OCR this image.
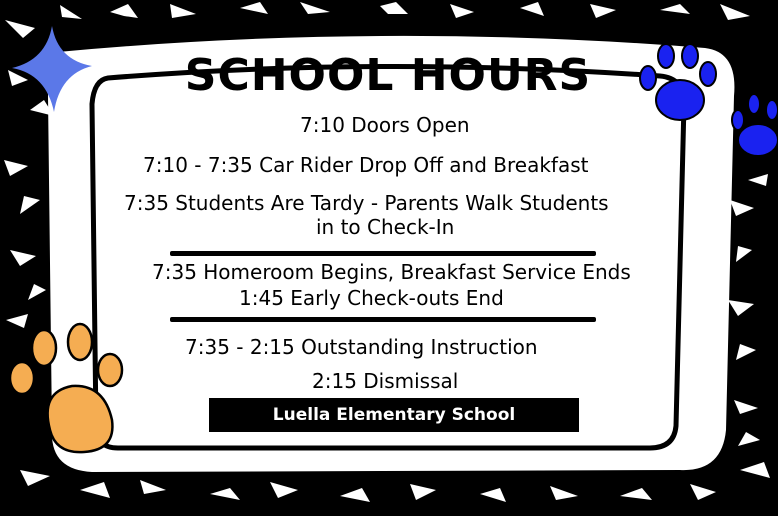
SCHOOL HOURS
7:10 Doors Open
7:10 - 7:35 Car Rider Drop Off and Breakfast
7:35 Students Are Tardy - Parents Walk Students
in to Check-In
7:35 Homeroom Begins, Breakfast Service Ends
1:45 Early Check-outs End
7:35 - 2:15 Outstanding Instruction
2:15 Dismissal
Luella Elementary School
